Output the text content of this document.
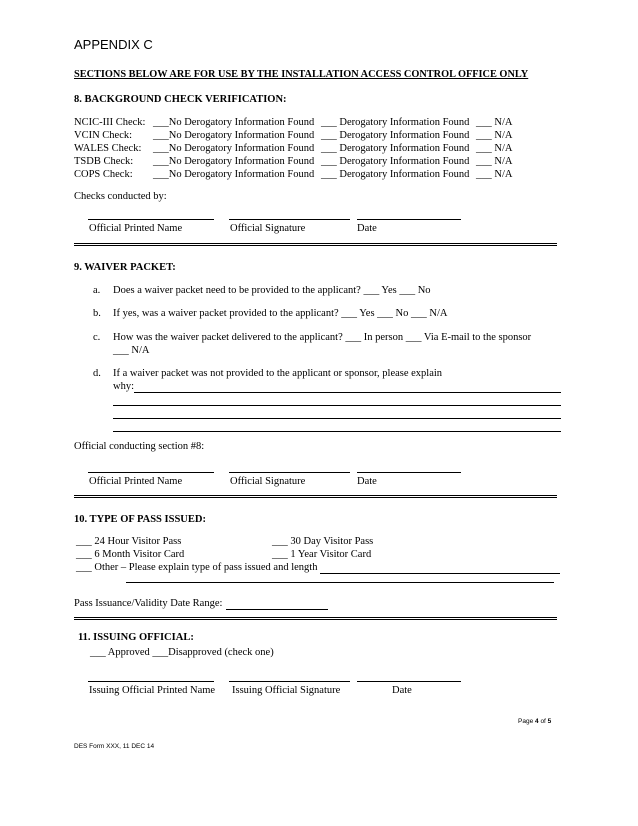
APPENDIX C
SECTIONS BELOW ARE FOR USE BY THE INSTALLATION ACCESS CONTROL OFFICE ONLY
8. BACKGROUND CHECK VERIFICATION:
NCIC-III Check: ___No Derogatory Information Found ___ Derogatory Information Found ___ N/A
VCIN Check: ___No Derogatory Information Found ___ Derogatory Information Found ___ N/A
WALES Check: ___No Derogatory Information Found ___ Derogatory Information Found ___ N/A
TSDB Check: ___No Derogatory Information Found ___ Derogatory Information Found ___ N/A
COPS Check: ___No Derogatory Information Found ___ Derogatory Information Found ___ N/A
Checks conducted by:
Official Printed Name	Official Signature	Date
9. WAIVER PACKET:
a. Does a waiver packet need to be provided to the applicant? ___ Yes ___ No
b. If yes, was a waiver packet provided to the applicant? ___ Yes ___ No ___ N/A
c. How was the waiver packet delivered to the applicant? ___ In person ___ Via E-mail to the sponsor
___ N/A
d. If a waiver packet was not provided to the applicant or sponsor, please explain
why:
Official conducting section #8:
Official Printed Name	Official Signature	Date
10. TYPE OF PASS ISSUED:
___ 24 Hour Visitor Pass	___ 30 Day Visitor Pass
___ 6 Month Visitor Card	___ 1 Year Visitor Card
___ Other – Please explain type of pass issued and length
Pass Issuance/Validity Date Range:
11. ISSUING OFFICIAL:
___ Approved ___Disapproved (check one)
Issuing Official Printed Name Issuing Official Signature	Date
Page 4 of 5
DES Form XXX, 11 DEC 14
